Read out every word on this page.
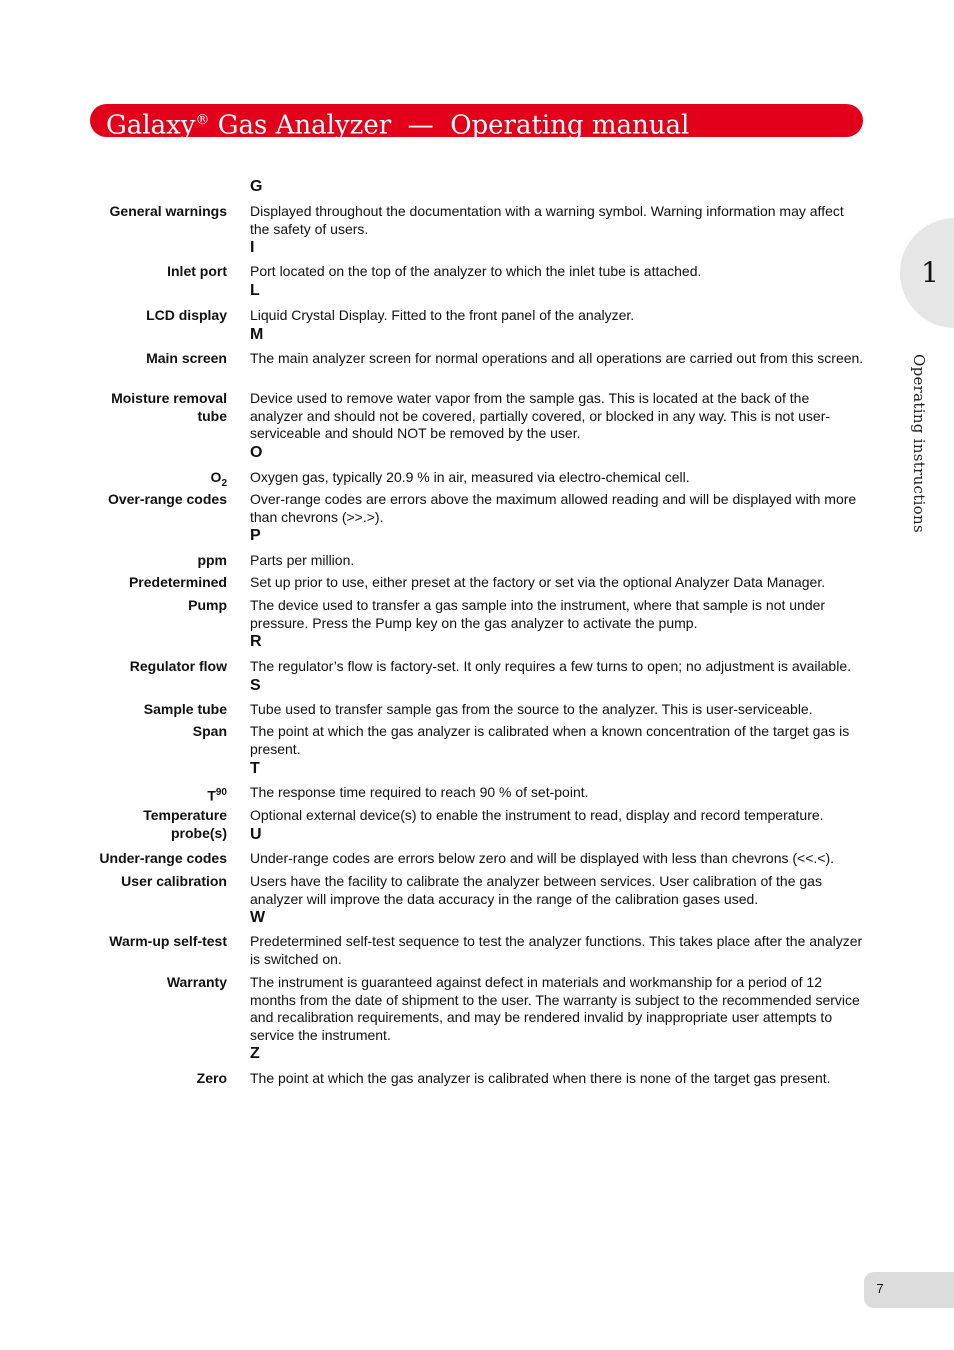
Galaxy® Gas Analyzer  —  Operating manual
1
Operating instructions
G
General warnings Displayed throughout the documentation with a warning symbol. Warning information may affect the safety of users.
I
Inlet port Port located on the top of the analyzer to which the inlet tube is attached.
L
LCD display Liquid Crystal Display. Fitted to the front panel of the analyzer.
M
Main screen The main analyzer screen for normal operations and all operations are carried out from this screen.
Moisture removal
tube
Device used to remove water vapor from the sample gas. This is located at the back of the analyzer and should not be covered, partially covered, or blocked in any way. This is not user-serviceable and should NOT be removed by the user.
O
$O_2$ Oxygen gas, typically 20.9 % in air, measured via electro-chemical cell.
Over-range codes Over-range codes are errors above the maximum allowed reading and will be displayed with more than chevrons (>>.>).
P
ppm Parts per million.
Predetermined Set up prior to use, either preset at the factory or set via the optional Analyzer Data Manager.
Pump The device used to transfer a gas sample into the instrument, where that sample is not under pressure. Press the Pump key on the gas analyzer to activate the pump.
R
Regulator flow The regulator’s flow is factory-set. It only requires a few turns to open; no adjustment is available.
S
Sample tube Tube used to transfer sample gas from the source to the analyzer. This is user-serviceable.
Span The point at which the gas analyzer is calibrated when a known concentration of the target gas is present.
T
$T^{90}$ The response time required to reach 90 % of set-point.
Temperature
probe(s)
Optional external device(s) to enable the instrument to read, display and record temperature.
U
Under-range codes Under-range codes are errors below zero and will be displayed with less than chevrons (<<.<).
User calibration Users have the facility to calibrate the analyzer between services. User calibration of the gas analyzer will improve the data accuracy in the range of the calibration gases used.
W
Warm-up self-test Predetermined self-test sequence to test the analyzer functions. This takes place after the analyzer is switched on.
Warranty The instrument is guaranteed against defect in materials and workmanship for a period of 12 months from the date of shipment to the user. The warranty is subject to the recommended service and recalibration requirements, and may be rendered invalid by inappropriate user attempts to service the instrument.
Z
Zero The point at which the gas analyzer is calibrated when there is none of the target gas present.
7
